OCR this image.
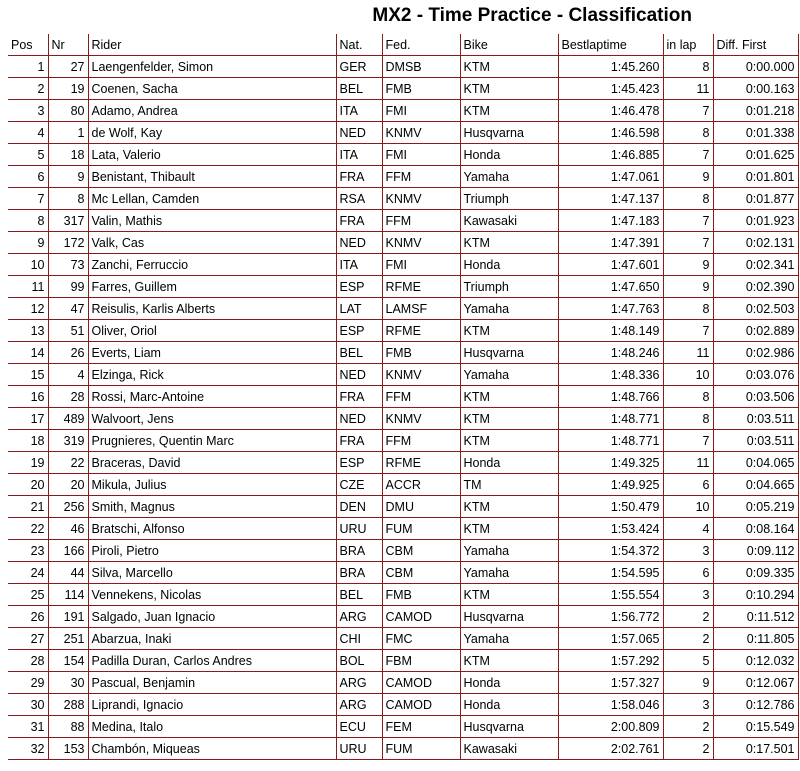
MX2 - Time Practice - Classification
Pos	Nr	Rider	Nat.	Fed.	Bike	Bestlaptime	in lap	Diff. First
1	27	Laengenfelder, Simon	GER	DMSB	KTM	1:45.260	8	0:00.000
2	19	Coenen, Sacha	BEL	FMB	KTM	1:45.423	11	0:00.163
3	80	Adamo, Andrea	ITA	FMI	KTM	1:46.478	7	0:01.218
4	1	de Wolf, Kay	NED	KNMV	Husqvarna	1:46.598	8	0:01.338
5	18	Lata, Valerio	ITA	FMI	Honda	1:46.885	7	0:01.625
6	9	Benistant, Thibault	FRA	FFM	Yamaha	1:47.061	9	0:01.801
7	8	Mc Lellan, Camden	RSA	KNMV	Triumph	1:47.137	8	0:01.877
8	317	Valin, Mathis	FRA	FFM	Kawasaki	1:47.183	7	0:01.923
9	172	Valk, Cas	NED	KNMV	KTM	1:47.391	7	0:02.131
10	73	Zanchi, Ferruccio	ITA	FMI	Honda	1:47.601	9	0:02.341
11	99	Farres, Guillem	ESP	RFME	Triumph	1:47.650	9	0:02.390
12	47	Reisulis, Karlis Alberts	LAT	LAMSF	Yamaha	1:47.763	8	0:02.503
13	51	Oliver, Oriol	ESP	RFME	KTM	1:48.149	7	0:02.889
14	26	Everts, Liam	BEL	FMB	Husqvarna	1:48.246	11	0:02.986
15	4	Elzinga, Rick	NED	KNMV	Yamaha	1:48.336	10	0:03.076
16	28	Rossi, Marc-Antoine	FRA	FFM	KTM	1:48.766	8	0:03.506
17	489	Walvoort, Jens	NED	KNMV	KTM	1:48.771	8	0:03.511
18	319	Prugnieres, Quentin Marc	FRA	FFM	KTM	1:48.771	7	0:03.511
19	22	Braceras, David	ESP	RFME	Honda	1:49.325	11	0:04.065
20	20	Mikula, Julius	CZE	ACCR	TM	1:49.925	6	0:04.665
21	256	Smith, Magnus	DEN	DMU	KTM	1:50.479	10	0:05.219
22	46	Bratschi, Alfonso	URU	FUM	KTM	1:53.424	4	0:08.164
23	166	Piroli, Pietro	BRA	CBM	Yamaha	1:54.372	3	0:09.112
24	44	Silva, Marcello	BRA	CBM	Yamaha	1:54.595	6	0:09.335
25	114	Vennekens, Nicolas	BEL	FMB	KTM	1:55.554	3	0:10.294
26	191	Salgado, Juan Ignacio	ARG	CAMOD	Husqvarna	1:56.772	2	0:11.512
27	251	Abarzua, Inaki	CHI	FMC	Yamaha	1:57.065	2	0:11.805
28	154	Padilla Duran, Carlos Andres	BOL	FBM	KTM	1:57.292	5	0:12.032
29	30	Pascual, Benjamin	ARG	CAMOD	Honda	1:57.327	9	0:12.067
30	288	Liprandi, Ignacio	ARG	CAMOD	Honda	1:58.046	3	0:12.786
31	88	Medina, Italo	ECU	FEM	Husqvarna	2:00.809	2	0:15.549
32	153	Chambón, Miqueas	URU	FUM	Kawasaki	2:02.761	2	0:17.501
